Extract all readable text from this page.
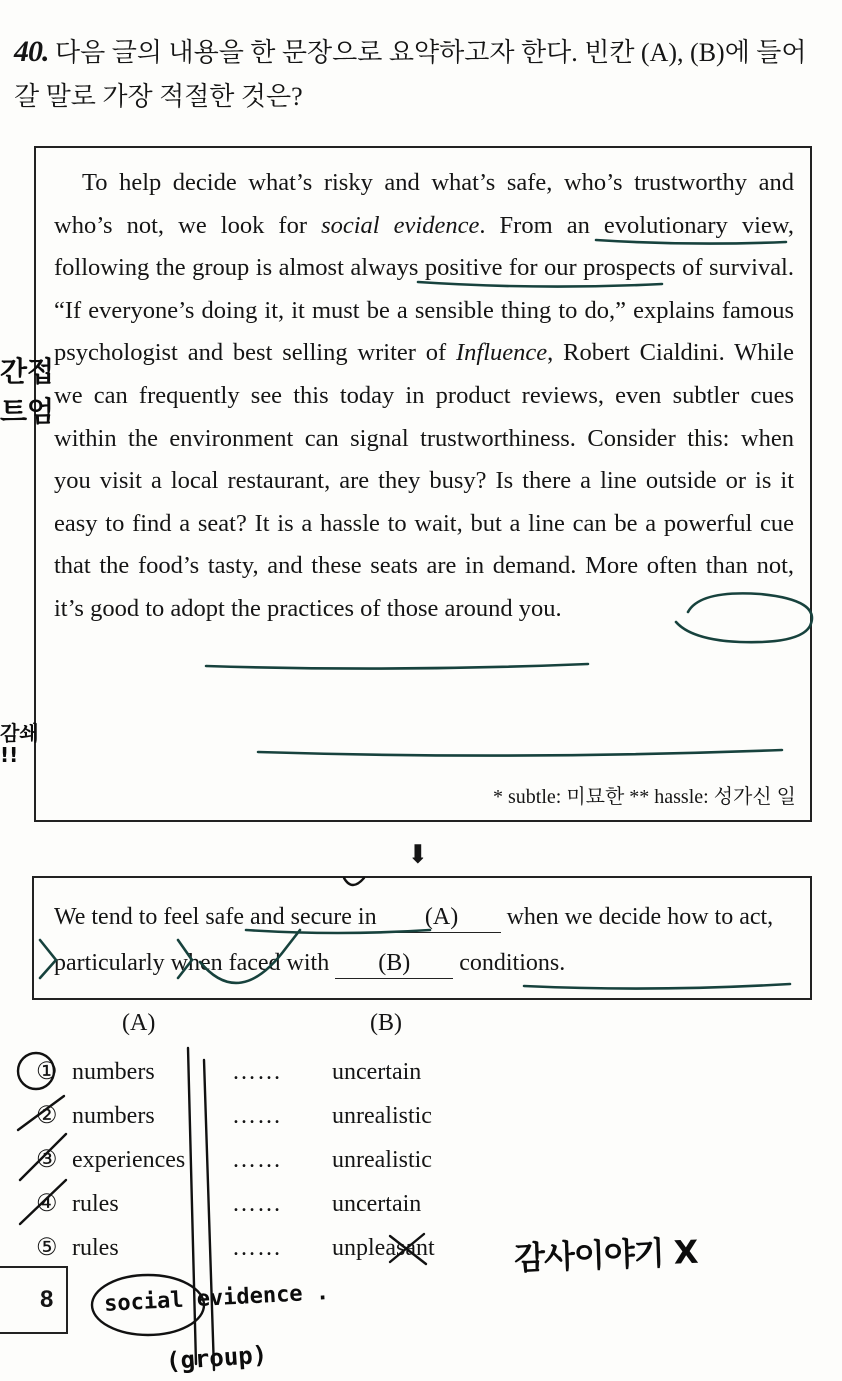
40. 다음 글의 내용을 한 문장으로 요약하고자 한다. 빈칸 (A), (B)에 들어갈 말로 가장 적절한 것은?

To help decide what’s risky and what’s safe, who’s trustworthy and who’s not, we look for social evidence. From an evolutionary view, following the group is almost always positive for our prospects of survival. “If everyone’s doing it, it must be a sensible thing to do,” explains famous psychologist and best selling writer of Influence, Robert Cialdini. While we can frequently see this today in product reviews, even subtler cues within the environment can signal trustworthiness. Consider this: when you visit a local restaurant, are they busy? Is there a line outside or is it easy to find a seat? It is a hassle to wait, but a line can be a powerful cue that the food’s tasty, and these seats are in demand. More often than not, it’s good to adopt the practices of those around you.

* subtle: 미묘한 ** hassle: 성가신 일
⬇

We tend to feel safe and secure in (A) when we decide how to act, particularly when faced with (B) conditions.

(A)	(B)
① numbers	…… uncertain
② numbers	…… unrealistic
③ experiences …… unrealistic
④ rules	…… uncertain
⑤ rules	…… unpleasant
8
감사이야기 X
social evidence .
(group)
간접
트엄
감쇄
!!
